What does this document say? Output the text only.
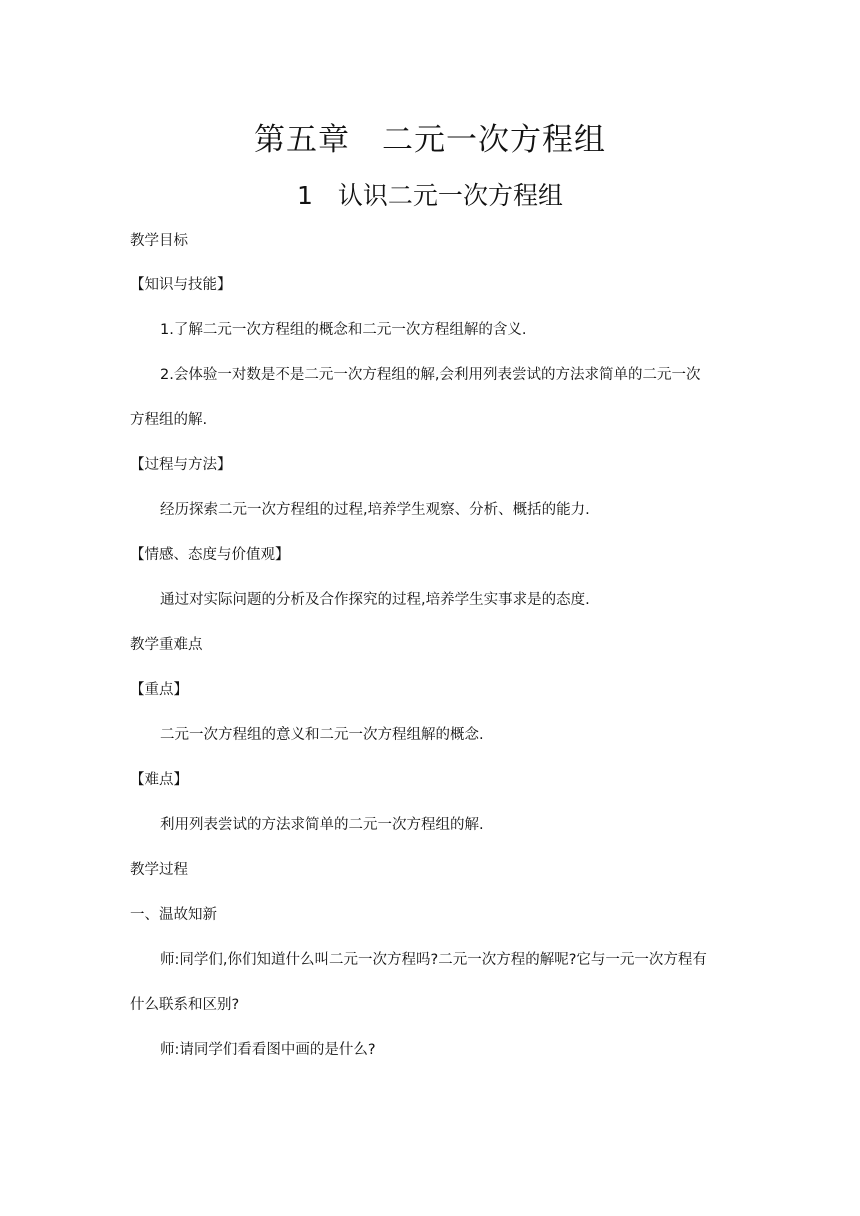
第五章　二元一次方程组
1　认识二元一次方程组
教学目标
【知识与技能】
1.了解二元一次方程组的概念和二元一次方程组解的含义.
2.会体验一对数是不是二元一次方程组的解,会利用列表尝试的方法求简单的二元一次
方程组的解.
【过程与方法】
经历探索二元一次方程组的过程,培养学生观察、分析、概括的能力.
【情感、态度与价值观】
通过对实际问题的分析及合作探究的过程,培养学生实事求是的态度.
教学重难点
【重点】
二元一次方程组的意义和二元一次方程组解的概念.
【难点】
利用列表尝试的方法求简单的二元一次方程组的解.
教学过程
一、温故知新
师:同学们,你们知道什么叫二元一次方程吗?二元一次方程的解呢?它与一元一次方程有
什么联系和区别?
师:请同学们看看图中画的是什么?
